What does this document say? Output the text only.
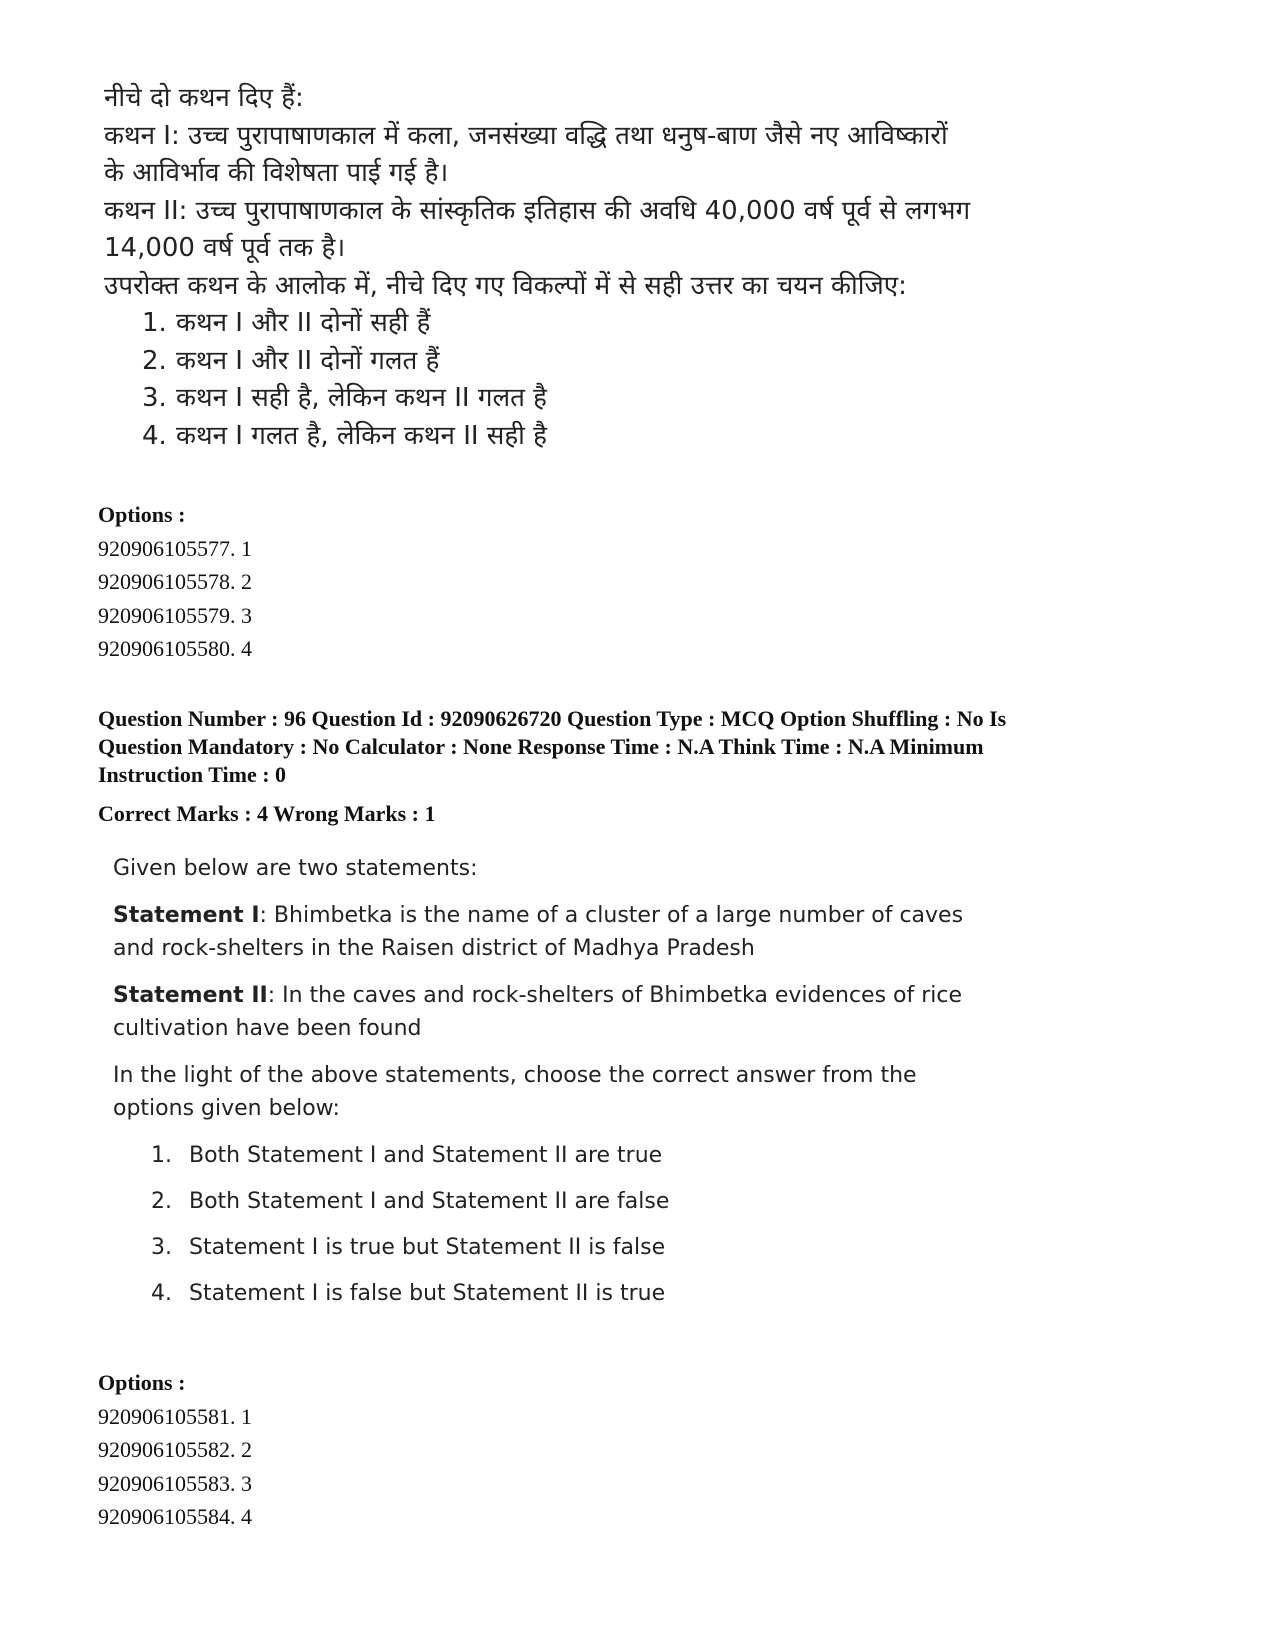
नीचे दो कथन दिए हैं:
कथन I: उच्च पुरापाषाणकाल में कला, जनसंख्या वद्धि तथा धनुष-बाण जैसे नए आविष्कारों
के आविर्भाव की विशेषता पाई गई है।
कथन II: उच्च पुरापाषाणकाल के सांस्कृतिक इतिहास की अवधि 40,000 वर्ष पूर्व से लगभग
14,000 वर्ष पूर्व तक है।
उपरोक्त कथन के आलोक में, नीचे दिए गए विकल्पों में से सही उत्तर का चयन कीजिए:
1. कथन I और II दोनों सही हैं
2. कथन I और II दोनों गलत हैं
3. कथन I सही है, लेकिन कथन II गलत है
4. कथन I गलत है, लेकिन कथन II सही है
Options :
920906105577. 1
920906105578. 2
920906105579. 3
920906105580. 4
Question Number : 96 Question Id : 92090626720 Question Type : MCQ Option Shuffling : No Is
Question Mandatory : No Calculator : None Response Time : N.A Think Time : N.A Minimum
Instruction Time : 0
Correct Marks : 4 Wrong Marks : 1

Given below are two statements:

Statement I: Bhimbetka is the name of a cluster of a large number of caves

and rock-shelters in the Raisen district of Madhya Pradesh

Statement II: In the caves and rock-shelters of Bhimbetka evidences of rice

cultivation have been found

In the light of the above statements, choose the correct answer from the

options given below:

1. Both Statement I and Statement II are true
2. Both Statement I and Statement II are false
3. Statement I is true but Statement II is false
4. Statement I is false but Statement II is true
Options :
920906105581. 1
920906105582. 2
920906105583. 3
920906105584. 4
